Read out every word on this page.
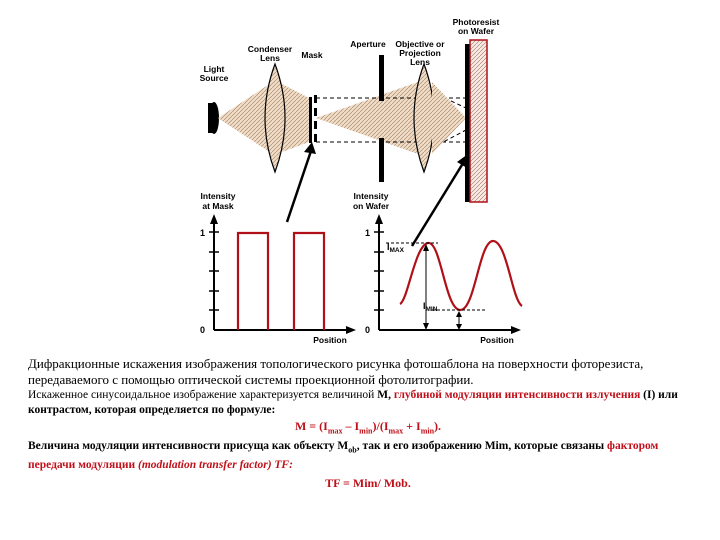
Light
Source
Condenser
Lens	Mask
Aperture Objective or
Projection
Lens
Photoresist
on Wafer
Intensity
at Mask
1
0
Position
Intensity
on Wafer
1
0
$I_{MAX}$
$I_{MIN}$
Position

Дифракционные искажения изображения топологического рисунка фотошаблона на поверхности фоторезиста, передаваемого с помощью оптической системы проекционной фотолитографии.

Искаженное синусоидальное изображение характеризуется величиной М, глубиной модуляции интенсивности излучения (I) или контрастом, которая определяется по формуле:

$M = (I_{max} - I_{min})/(I_{max} + I_{min})$.

Величина модуляции интенсивности присуща как объекту $M_{ob}$, так и его изображению Mim, которые связаны фактором передачи модуляции (modulation transfer factor) TF:

TF = Mim/ Mob.
